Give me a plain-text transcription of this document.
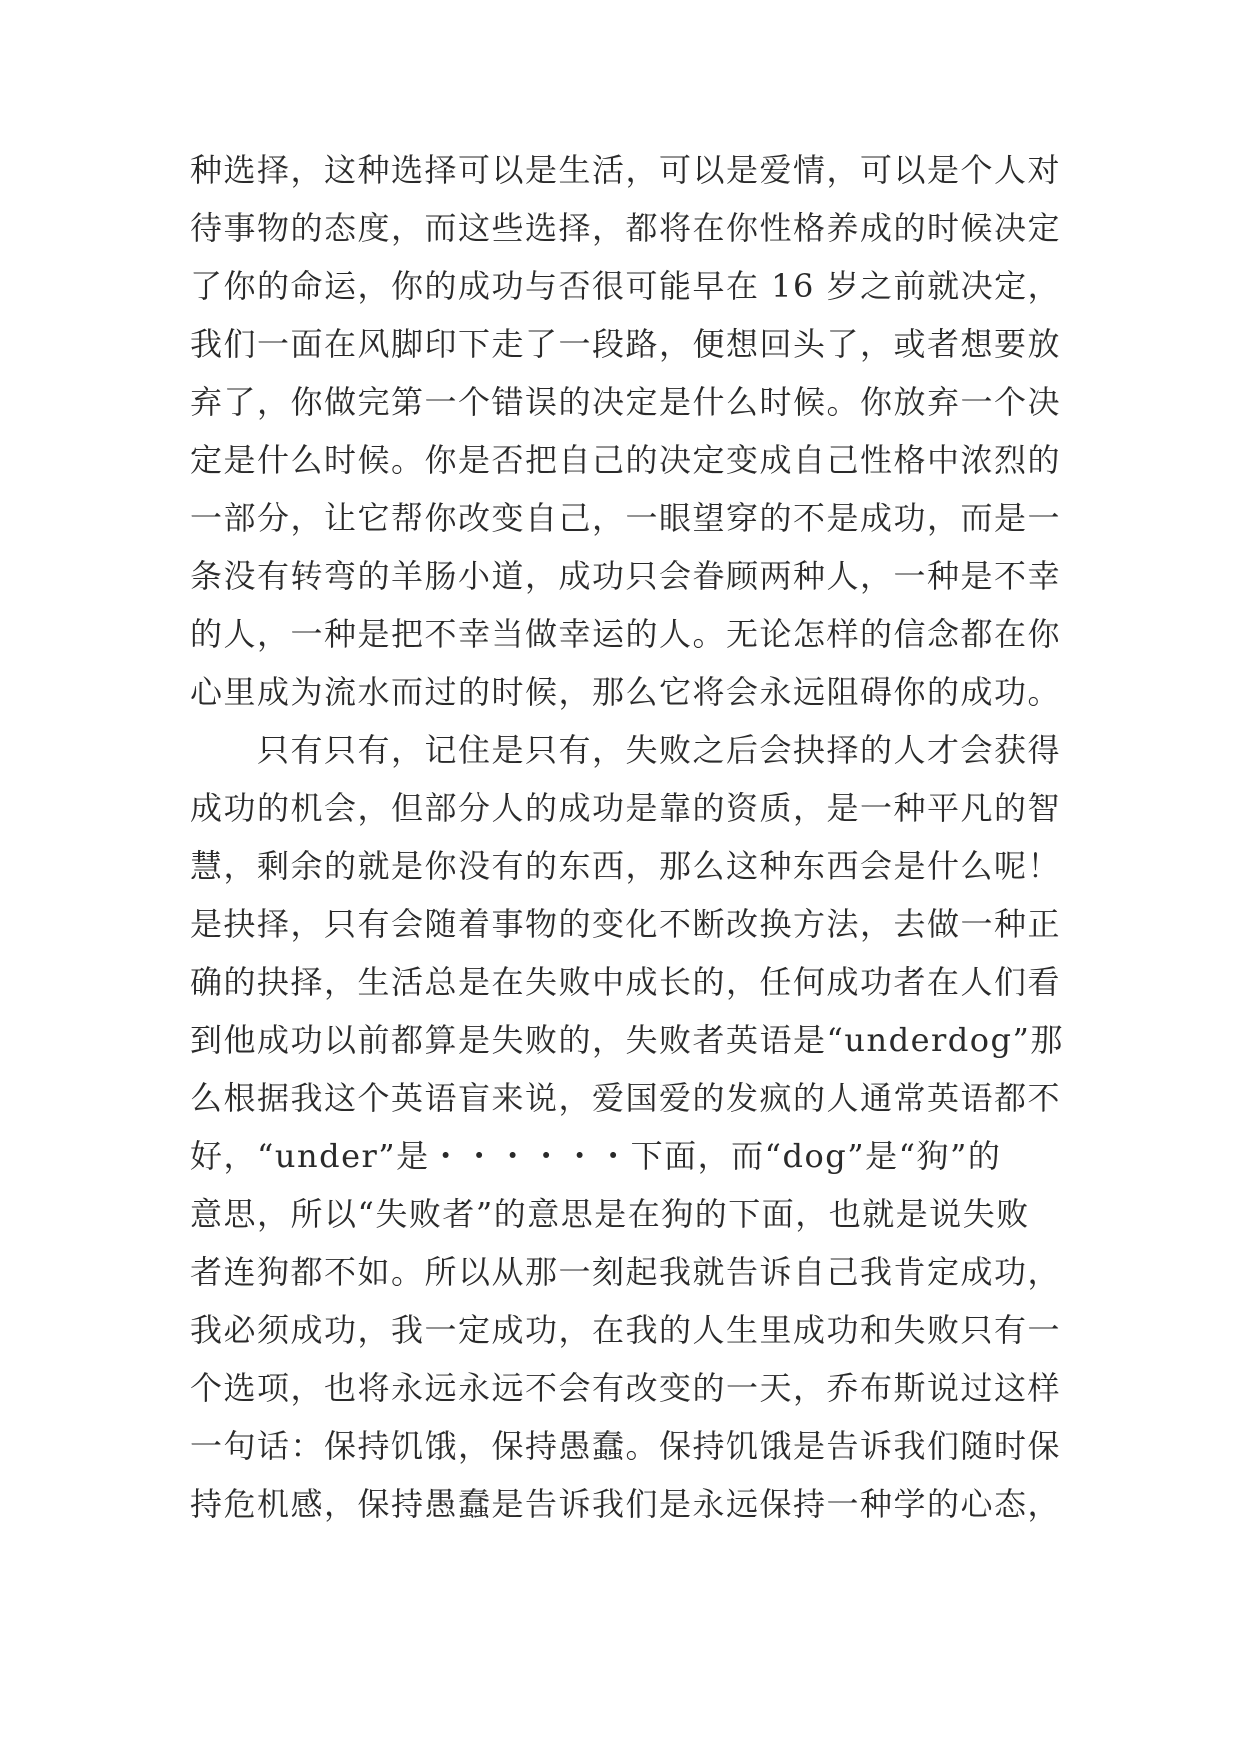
种选择，这种选择可以是生活，可以是爱情，可以是个人对
待事物的态度，而这些选择，都将在你性格养成的时候决定
了你的命运，你的成功与否很可能早在 16 岁之前就决定，
我们一面在风脚印下走了一段路，便想回头了，或者想要放
弃了，你做完第一个错误的决定是什么时候。你放弃一个决
定是什么时候。你是否把自己的决定变成自己性格中浓烈的
一部分，让它帮你改变自己，一眼望穿的不是成功，而是一
条没有转弯的羊肠小道，成功只会眷顾两种人，一种是不幸
的人，一种是把不幸当做幸运的人。无论怎样的信念都在你
心里成为流水而过的时候，那么它将会永远阻碍你的成功。
　　只有只有，记住是只有，失败之后会抉择的人才会获得
成功的机会，但部分人的成功是靠的资质，是一种平凡的智
慧，剩余的就是你没有的东西，那么这种东西会是什么呢！
是抉择，只有会随着事物的变化不断改换方法，去做一种正
确的抉择，生活总是在失败中成长的，任何成功者在人们看
到他成功以前都算是失败的，失败者英语是“underdog”那
么根据我这个英语盲来说，爱国爱的发疯的人通常英语都不
好，“under”是・・・・・・下面，而“dog”是“狗”的
意思，所以“失败者”的意思是在狗的下面，也就是说失败
者连狗都不如。所以从那一刻起我就告诉自己我肯定成功，
我必须成功，我一定成功，在我的人生里成功和失败只有一
个选项，也将永远永远不会有改变的一天，乔布斯说过这样
一句话：保持饥饿，保持愚蠢。保持饥饿是告诉我们随时保
持危机感，保持愚蠢是告诉我们是永远保持一种学的心态，
